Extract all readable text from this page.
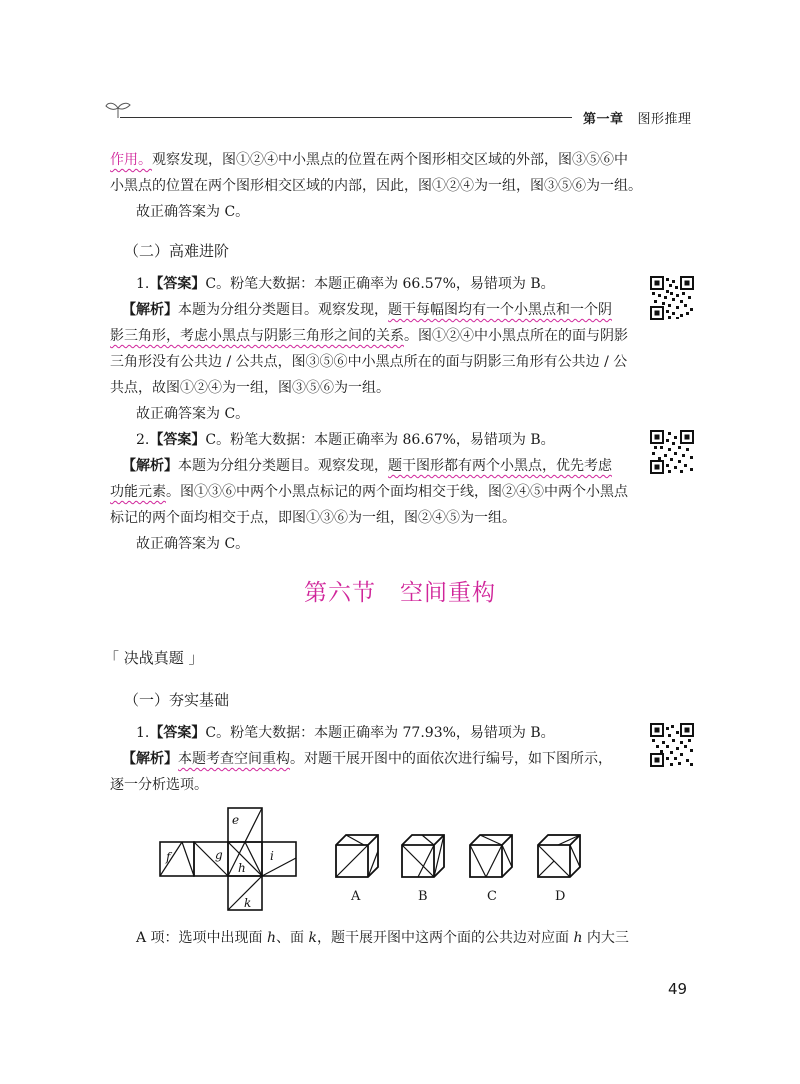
第一章 图形推理
作用。观察发现，图①②④中小黑点的位置在两个图形相交区域的外部，图③⑤⑥中
小黑点的位置在两个图形相交区域的内部，因此，图①②④为一组，图③⑤⑥为一组。
故正确答案为 C。
（二）高难进阶
1.【答案】C。粉笔大数据：本题正确率为 66.57%，易错项为 B。
【解析】本题为分组分类题目。观察发现，题干每幅图均有一个小黑点和一个阴
影三角形，考虑小黑点与阴影三角形之间的关系。图①②④中小黑点所在的面与阴影
三角形没有公共边 / 公共点，图③⑤⑥中小黑点所在的面与阴影三角形有公共边 / 公
共点，故图①②④为一组，图③⑤⑥为一组。
故正确答案为 C。
2.【答案】C。粉笔大数据：本题正确率为 86.67%，易错项为 B。
【解析】本题为分组分类题目。观察发现，题干图形都有两个小黑点，优先考虑
功能元素。图①③⑥中两个小黑点标记的两个面均相交于线，图②④⑤中两个小黑点
标记的两个面均相交于点，即图①③⑥为一组，图②④⑤为一组。
故正确答案为 C。
第六节　空间重构
「 决战真题 」
（一）夯实基础
1.【答案】C。粉笔大数据：本题正确率为 77.93%，易错项为 B。
【解析】本题考查空间重构。对题干展开图中的面依次进行编号，如下图所示，
逐一分析选项。
e
f	g
h
i
k	A	B	C	D
A 项：选项中出现面 h、面 k，题干展开图中这两个面的公共边对应面 h 内大三
49
